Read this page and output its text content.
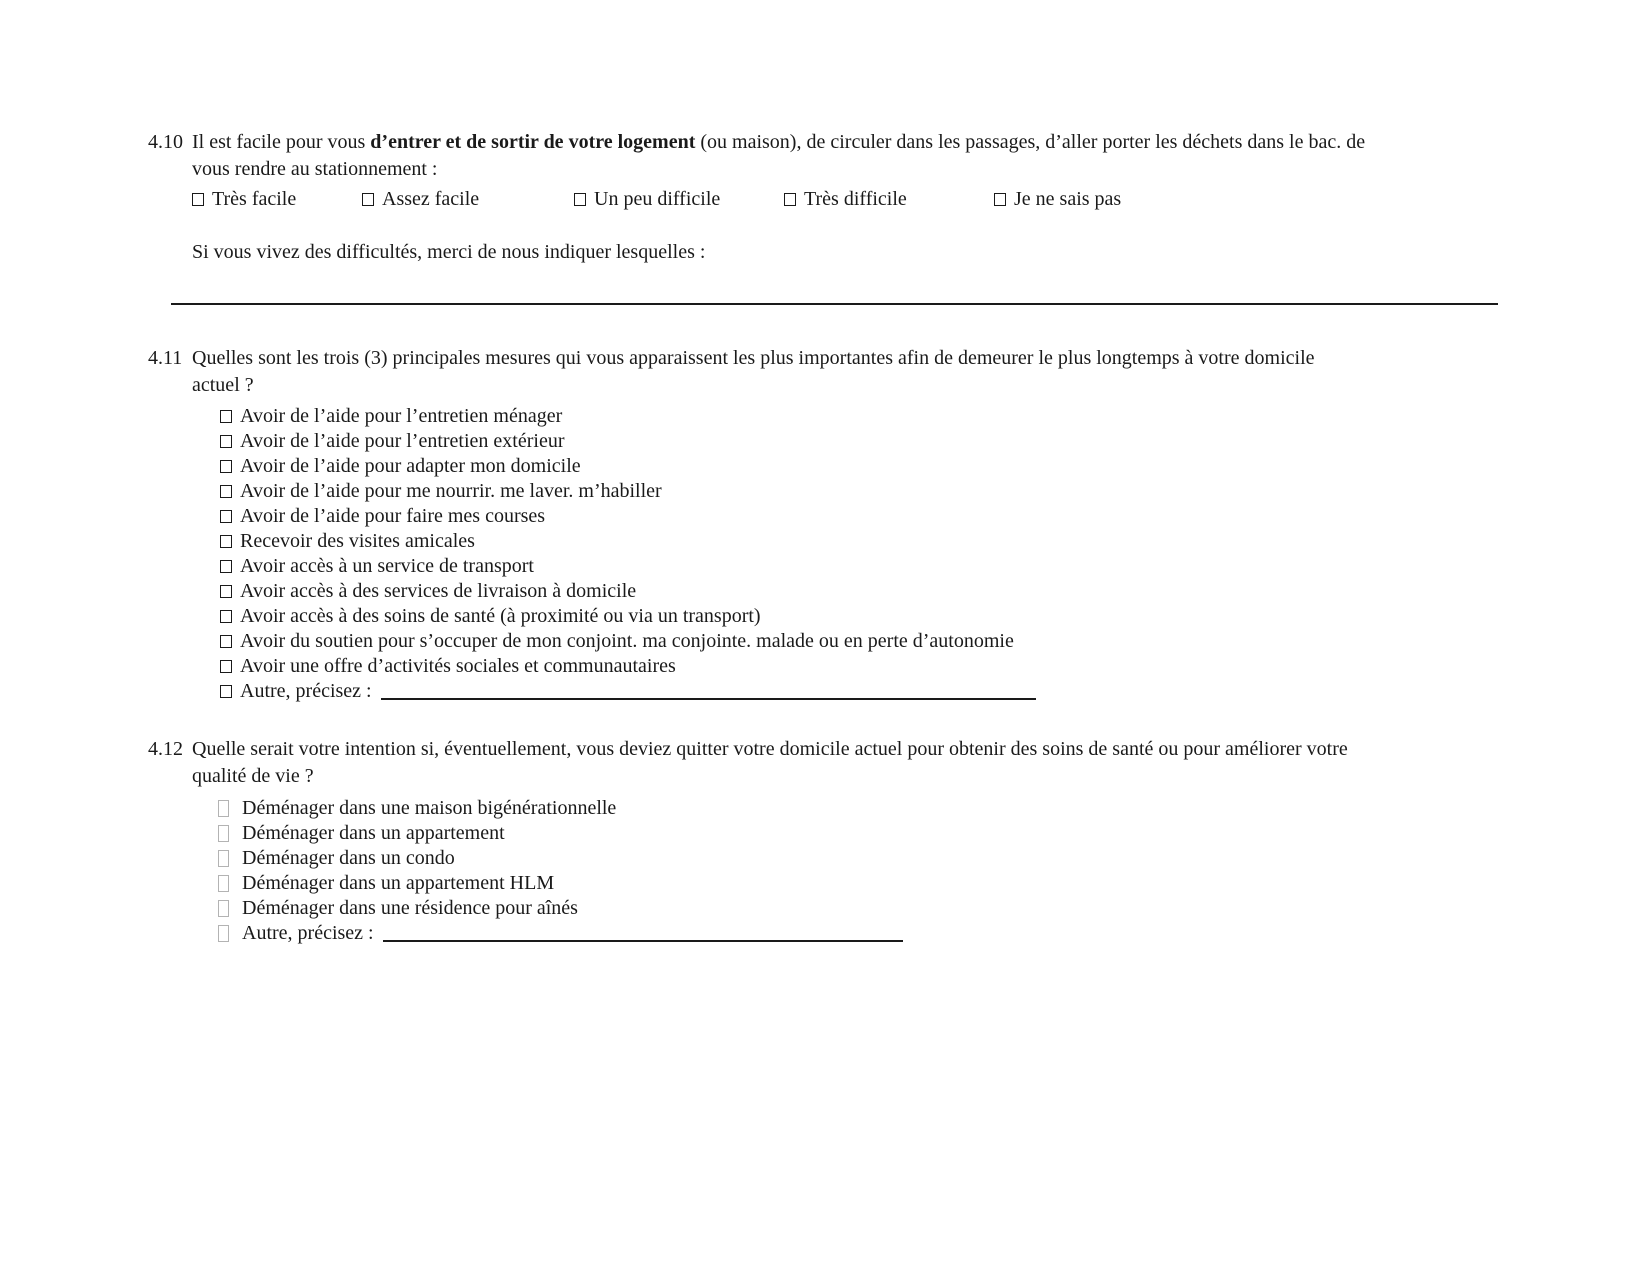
4.10 Il est facile pour vous d’entrer et de sortir de votre logement (ou maison), de circuler dans les passages, d’aller porter les déchets dans le bac. de
vous rendre au stationnement :
Très facile	Assez facile	Un peu difficile	Très difficile	Je ne sais pas
Si vous vivez des difficultés, merci de nous indiquer lesquelles :
4.11 Quelles sont les trois (3) principales mesures qui vous apparaissent les plus importantes afin de demeurer le plus longtemps à votre domicile
actuel ?
Avoir de l’aide pour l’entretien ménager
Avoir de l’aide pour l’entretien extérieur
Avoir de l’aide pour adapter mon domicile
Avoir de l’aide pour me nourrir. me laver. m’habiller
Avoir de l’aide pour faire mes courses
Recevoir des visites amicales
Avoir accès à un service de transport
Avoir accès à des services de livraison à domicile
Avoir accès à des soins de santé (à proximité ou via un transport)
Avoir du soutien pour s’occuper de mon conjoint. ma conjointe. malade ou en perte d’autonomie
Avoir une offre d’activités sociales et communautaires
Autre, précisez :
4.12 Quelle serait votre intention si, éventuellement, vous deviez quitter votre domicile actuel pour obtenir des soins de santé ou pour améliorer votre
qualité de vie ?
Déménager dans une maison bigénérationnelle
Déménager dans un appartement
Déménager dans un condo
Déménager dans un appartement HLM
Déménager dans une résidence pour aînés
Autre, précisez :
